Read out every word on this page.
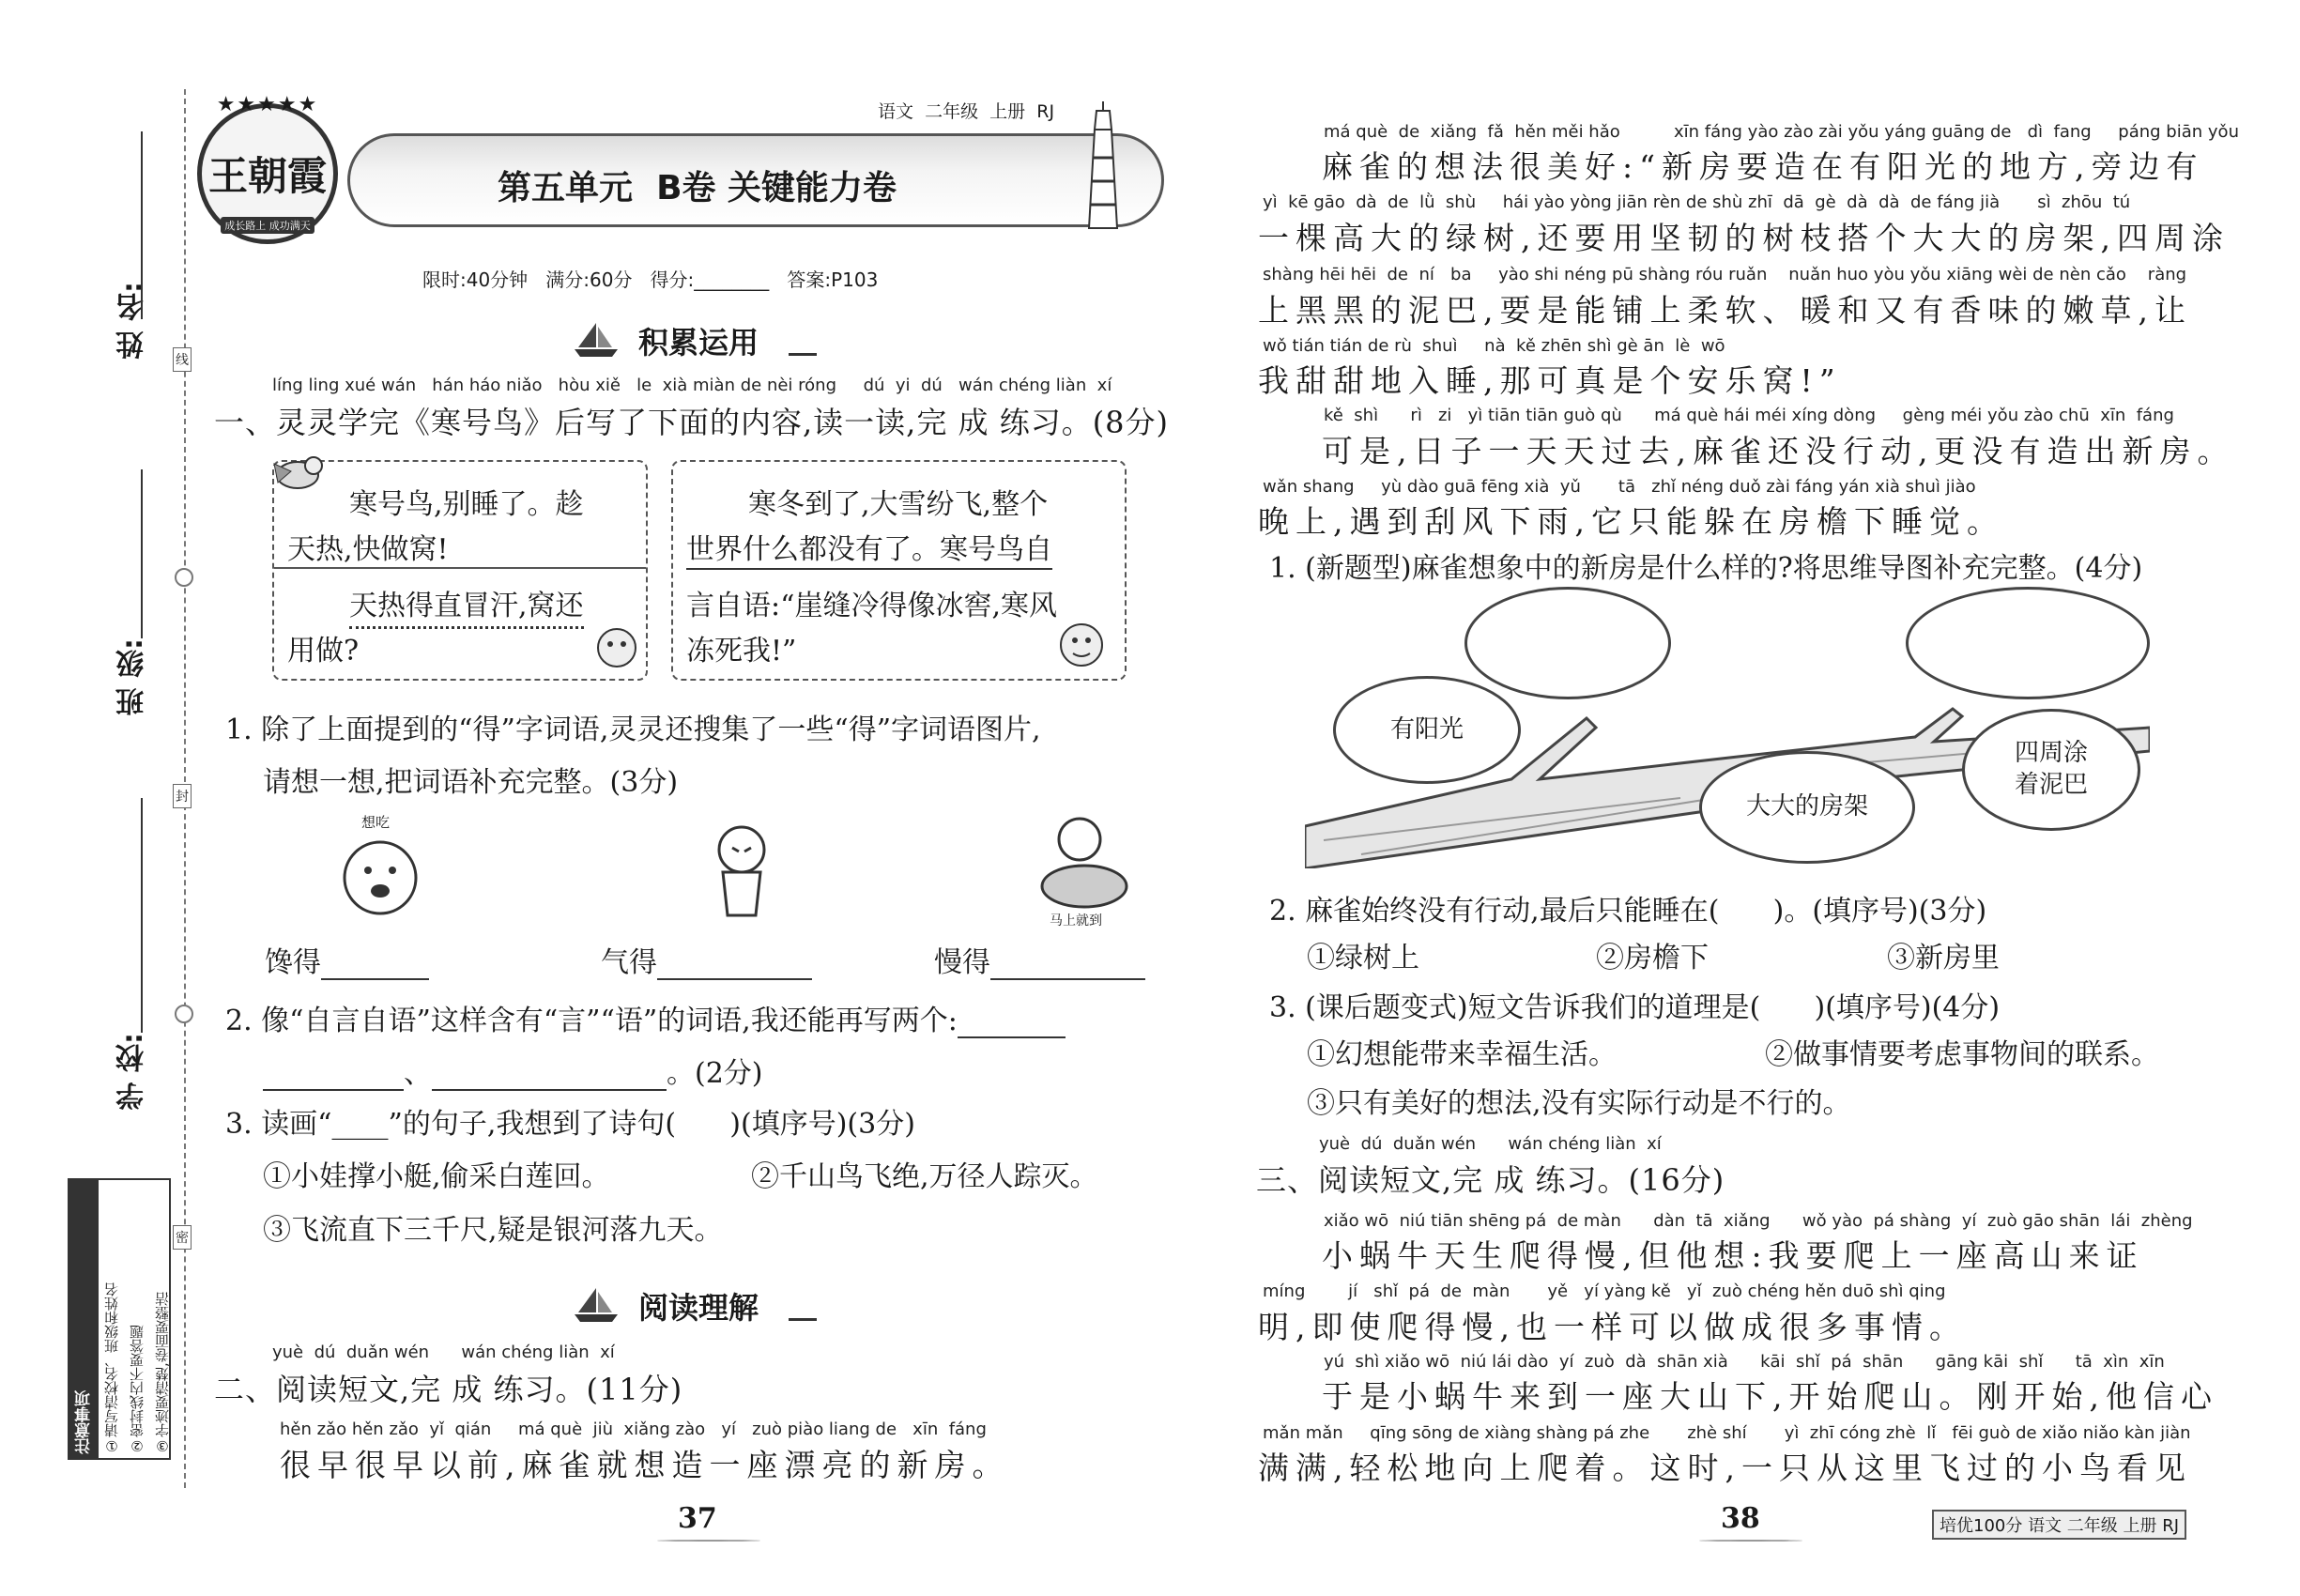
姓 名:
班 级:
学 校:
线
封
密
注意事项 ①请写清校名、班级和姓名 ②密封线内不要答题 ③字迹要清楚,卷面要整洁
★★★★★
王朝霞
成长路上 成功满天
语文  二年级  上册  RJ
第五单元  B卷 关键能力卷
限时:40分钟   满分:60分   得分:________   答案:P103
积累运用
líng ling xué wán   hán háo niǎo   hòu xiě   le  xià miàn de nèi róng     dú  yi  dú   wán chéng liàn  xí
一、灵灵学完《寒号鸟》后写了下面的内容,读一读,完 成 练习。(8分)
寒号鸟,别睡了。趁
天热,快做窝!
天热得直冒汗,窝还
用做?
寒冬到了,大雪纷飞,整个
世界什么都没有了。寒号鸟自
言自语:“崖缝冷得像冰窖,寒风
冻死我!”
1. 除了上面提到的“得”字词语,灵灵还搜集了一些“得”字词语图片,
请想一想,把词语补充完整。(3分)
想吃
马上就到
馋得	气得	慢得
2. 像“自言自语”这样含有“言”“语”的词语,我还能再写两个:
、	。(2分)
3. 读画“____”的句子,我想到了诗句(      )(填序号)(3分)
①小娃撑小艇,偷采白莲回。	②千山鸟飞绝,万径人踪灭。
③飞流直下三千尺,疑是银河落九天。
阅读理解
yuè  dú  duǎn wén      wán chéng liàn  xí
二、阅读短文,完 成 练习。(11分)
hěn zǎo hěn zǎo  yǐ  qián     má què  jiù  xiǎng zào   yí   zuò piào liang de   xīn  fáng
很早很早以前,麻雀就想造一座漂亮的新房。
37
má què  de  xiǎng  fǎ  hěn měi hǎo          xīn fáng yào zào zài yǒu yáng guāng de   dì  fang     páng biān yǒu
麻雀的想法很美好:“新房要造在有阳光的地方,旁边有
yì  kē gāo  dà  de  lǜ  shù     hái yào yòng jiān rèn de shù zhī  dā  gè  dà  dà  de fáng jià       sì  zhōu  tú
一棵高大的绿树,还要用坚韧的树枝搭个大大的房架,四周涂
shàng hēi hēi  de  ní   ba     yào shi néng pū shàng róu ruǎn    nuǎn huo yòu yǒu xiāng wèi de nèn cǎo    ràng
上黑黑的泥巴,要是能铺上柔软、暖和又有香味的嫩草,让
wǒ tián tián de rù  shuì     nà  kě zhēn shì gè ān  lè  wō
我甜甜地入睡,那可真是个安乐窝!”
kě  shì      rì   zi   yì tiān tiān guò qù      má què hái méi xíng dòng     gèng méi yǒu zào chū  xīn  fáng
可是,日子一天天过去,麻雀还没行动,更没有造出新房。
wǎn shang     yù dào guā fēng xià  yǔ       tā   zhǐ néng duǒ zài fáng yán xià shuì jiào
晚上,遇到刮风下雨,它只能躲在房檐下睡觉。
1. (新题型)麻雀想象中的新房是什么样的?将思维导图补充完整。(4分)
有阳光
大大的房架
四周涂
着泥巴
2. 麻雀始终没有行动,最后只能睡在(      )。(填序号)(3分)
①绿树上	②房檐下	③新房里
3. (课后题变式)短文告诉我们的道理是(      )(填序号)(4分)
①幻想能带来幸福生活。	②做事情要考虑事物间的联系。
③只有美好的想法,没有实际行动是不行的。
yuè  dú  duǎn wén      wán chéng liàn  xí
三、阅读短文,完 成 练习。(16分)
xiǎo wō  niú tiān shēng pá  de màn      dàn  tā  xiǎng      wǒ yào  pá shàng  yí  zuò gāo shān  lái  zhèng
小蜗牛天生爬得慢,但他想:我要爬上一座高山来证
míng        jí   shǐ  pá  de  màn       yě   yí yàng kě   yǐ  zuò chéng hěn duō shì qing
明,即使爬得慢,也一样可以做成很多事情。
yú  shì xiǎo wō  niú lái dào  yí  zuò  dà  shān xià      kāi  shǐ  pá  shān      gāng kāi  shǐ      tā  xìn  xīn
于是小蜗牛来到一座大山下,开始爬山。刚开始,他信心
mǎn mǎn     qīng sōng de xiàng shàng pá zhe       zhè shí       yì  zhī cóng zhè  lǐ   fēi guò de xiǎo niǎo kàn jiàn
满满,轻松地向上爬着。这时,一只从这里飞过的小鸟看见
38	培优100分 语文 二年级 上册 RJ
